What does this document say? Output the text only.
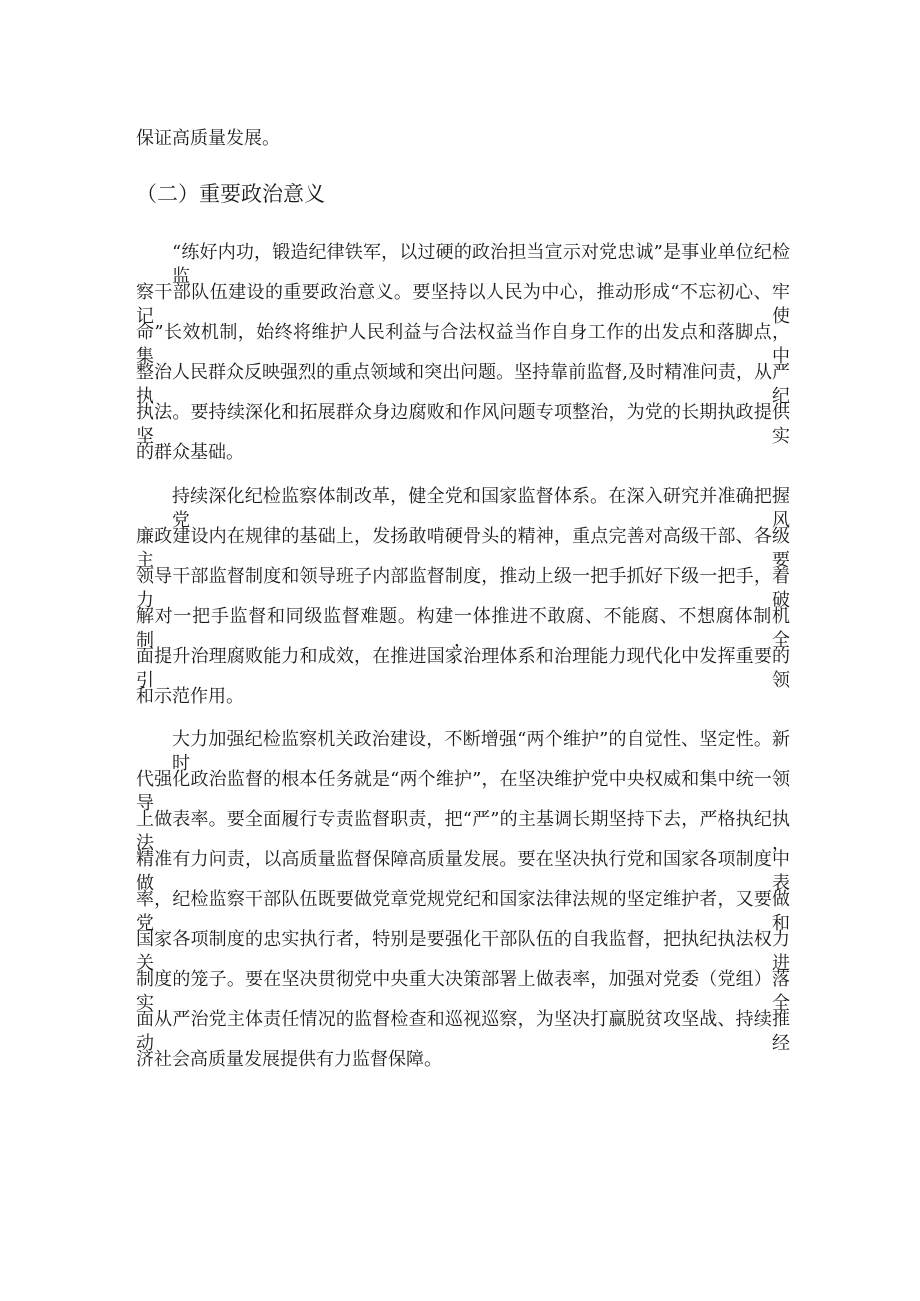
保证高质量发展。
（二）重要政治意义
“练好内功，锻造纪律铁军，以过硬的政治担当宣示对党忠诚”是事业单位纪检监
察干部队伍建设的重要政治意义。要坚持以人民为中心，推动形成“不忘初心、牢记使
命”长效机制，始终将维护人民利益与合法权益当作自身工作的出发点和落脚点，集中
整治人民群众反映强烈的重点领域和突出问题。坚持靠前监督,及时精准问责，从严执纪
执法。要持续深化和拓展群众身边腐败和作风问题专项整治，为党的长期执政提供坚实
的群众基础。
持续深化纪检监察体制改革，健全党和国家监督体系。在深入研究并准确把握党风
廉政建设内在规律的基础上，发扬敢啃硬骨头的精神，重点完善对高级干部、各级主要
领导干部监督制度和领导班子内部监督制度，推动上级一把手抓好下级一把手，着力破
解对一把手监督和同级监督难题。构建一体推进不敢腐、不能腐、不想腐体制机制，全
面提升治理腐败能力和成效，在推进国家治理体系和治理能力现代化中发挥重要的引领
和示范作用。
大力加强纪检监察机关政治建设，不断增强“两个维护”的自觉性、坚定性。新时
代强化政治监督的根本任务就是“两个维护”，在坚决维护党中央权威和集中统一领导
上做表率。要全面履行专责监督职责，把“严”的主基调长期坚持下去，严格执纪执法，
精准有力问责，以高质量监督保障高质量发展。要在坚决执行党和国家各项制度中做表
率，纪检监察干部队伍既要做党章党规党纪和国家法律法规的坚定维护者，又要做党和
国家各项制度的忠实执行者，特别是要强化干部队伍的自我监督，把执纪执法权力关进
制度的笼子。要在坚决贯彻党中央重大决策部署上做表率，加强对党委（党组）落实全
面从严治党主体责任情况的监督检查和巡视巡察，为坚决打赢脱贫攻坚战、持续推动经
济社会高质量发展提供有力监督保障。
